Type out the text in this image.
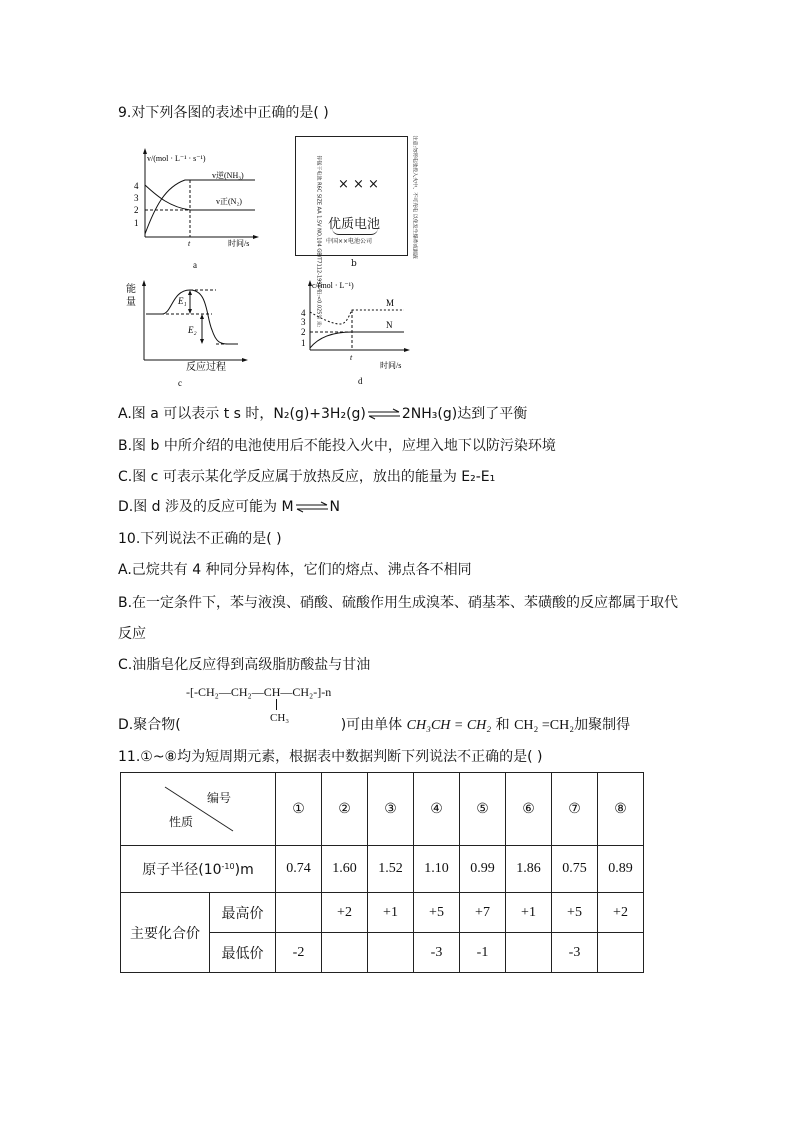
9.对下列各图的表述中正确的是( )
v/(mol · L⁻¹ · s⁻¹)
4
3
2
1
v逆(NH₃)
v正(N₂)
t	时间/s
a	锌锰干电池 R6C SIZE AA 1.5V NO.104 GB/T7112-1998 铅:<0.025% 汞: × × ×
优质电池
中国××电池公司	注意:勿将电池投入火中、不可充电 以免发生爆炸或漏液
b
能
量	E₁
E₂
反应过程
c
c/(mol · L⁻¹)
4
3
2
1
M
N
t
时间/s
d
A.图 a 可以表示 t s 时，N₂(g)+3H₂(g) ⇌ 2NH₃(g)达到了平衡
B.图 b 中所介绍的电池使用后不能投入火中，应埋入地下以防污染环境
C.图 c 可表示某化学反应属于放热反应，放出的能量为 E₂-E₁
D.图 d 涉及的反应可能为 M ⇌ N
10.下列说法不正确的是( )
A.己烷共有 4 种同分异构体，它们的熔点、沸点各不相同
B.在一定条件下，苯与液溴、硝酸、硫酸作用生成溴苯、硝基苯、苯磺酸的反应都属于取代
反应
C.油脂皂化反应得到高级脂肪酸盐与甘油
-[-CH₂—CH₂—CH—CH₂-]-n
CH₃
D.聚合物(	)可由单体 CH₃CH = CH₂ 和 CH₂ =CH₂加聚制得
11.①~⑧均为短周期元素，根据表中数据判断下列说法不正确的是( )
编号
性质		①	②	③	④	⑤	⑥	⑦	⑧
原子半径$(10^{-10})m$		0.74	1.60	1.52	1.10	0.99	1.86	0.75	0.89
主要化合价	最高价		+2	+1	+5	+7	+1	+5	+2
	最低价	-2			-3	-1		-3	
